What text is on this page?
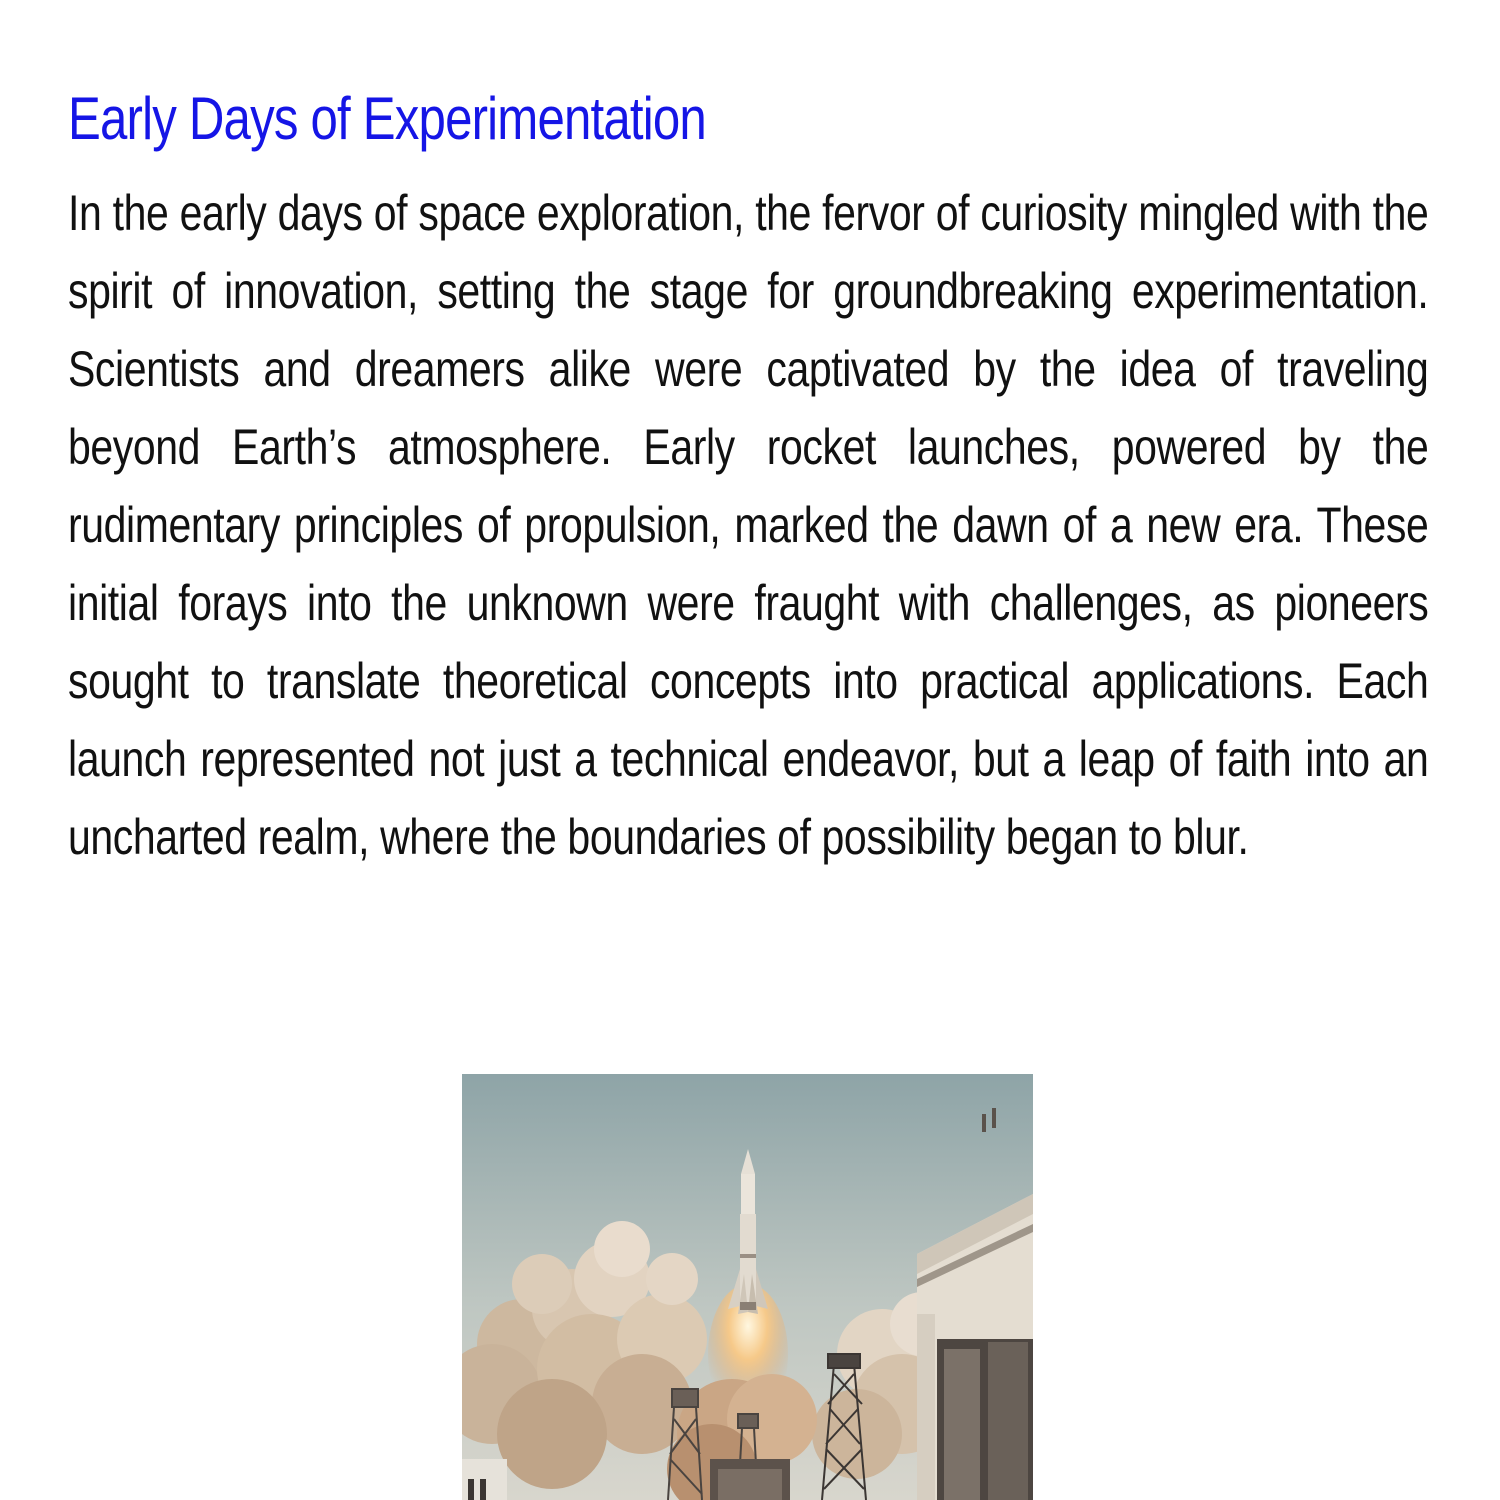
Early Days of Experimentation

In the early days of space exploration, the fervor of curiosity mingled with the spirit of innovation, setting the stage for groundbreaking experimentation. Scientists and dreamers alike were captivated by the idea of traveling beyond Earth’s atmosphere. Early rocket launches, powered by the rudimentary principles of propulsion, marked the dawn of a new era. These initial forays into the unknown were fraught with challenges, as pioneers sought to translate theoretical concepts into practical applications. Each launch represented not just a technical endeavor, but a leap of faith into an uncharted realm, where the boundaries of possibility began to blur.
